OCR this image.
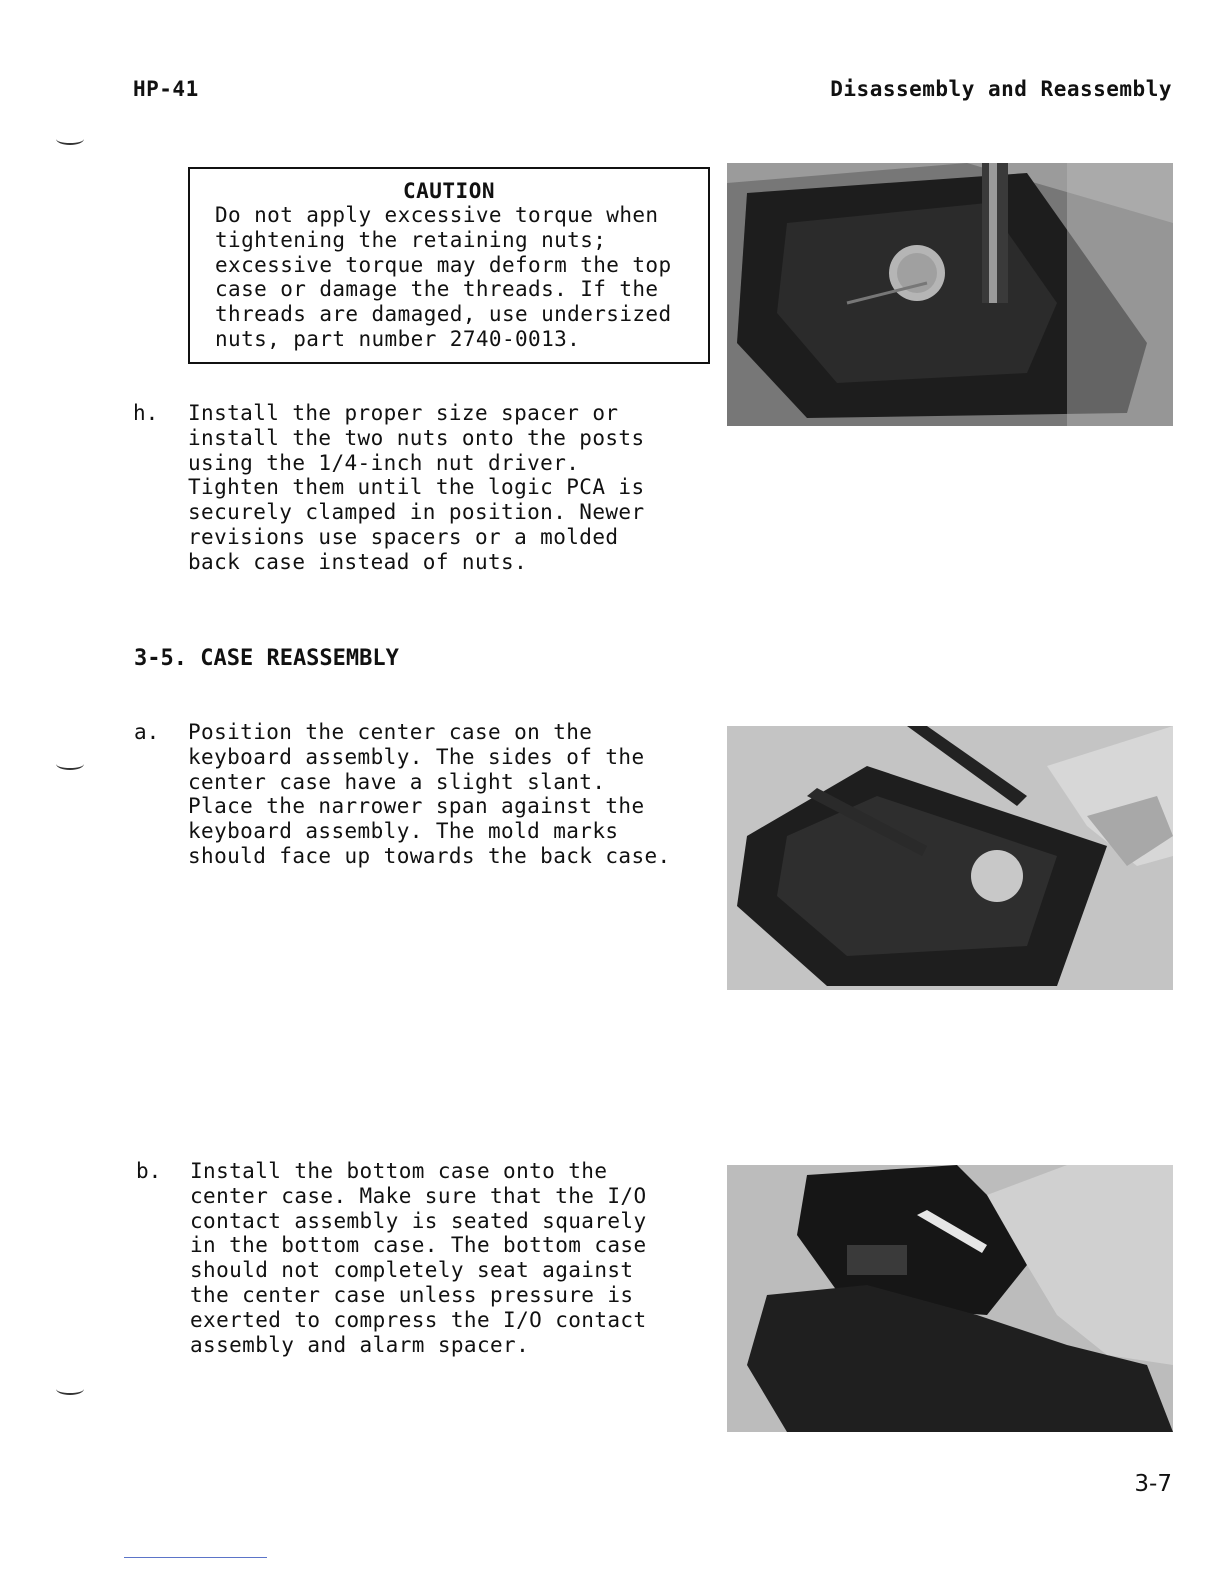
HP-41	Disassembly and Reassembly
CAUTION
Do not apply excessive torque when
tightening the retaining nuts;
excessive torque may deform the top
case or damage the threads. If the
threads are damaged, use undersized
nuts, part number 2740-0013.
h. Install the proper size spacer or
install the two nuts onto the posts
using the 1/4-inch nut driver.
Tighten them until the logic PCA is
securely clamped in position. Newer
revisions use spacers or a molded
back case instead of nuts.
3-5. CASE REASSEMBLY
a. Position the center case on the
keyboard assembly. The sides of the
center case have a slight slant.
Place the narrower span against the
keyboard assembly. The mold marks
should face up towards the back case.
b. Install the bottom case onto the
center case. Make sure that the I/O
contact assembly is seated squarely
in the bottom case. The bottom case
should not completely seat against
the center case unless pressure is
exerted to compress the I/O contact
assembly and alarm spacer.
3-7
